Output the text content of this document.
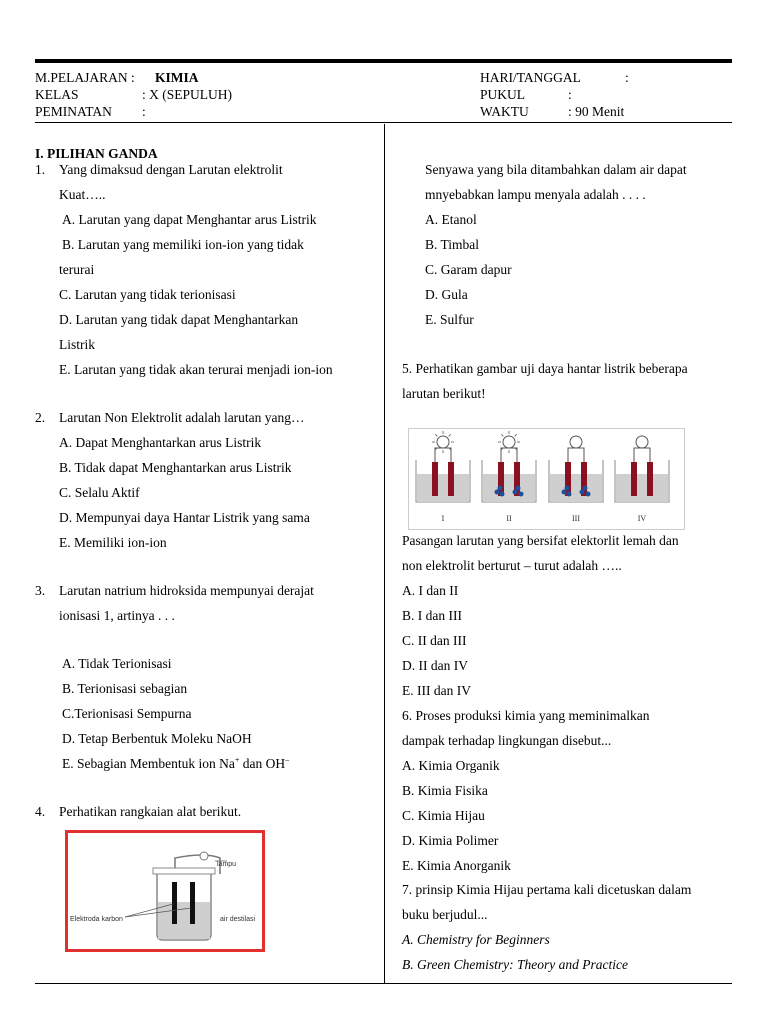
M.PELAJARAN : KIMIA
KELAS	: X (SEPULUH)
PEMINATAN :
HARI/TANGGAL	:
PUKUL	:
WAKTU	: 90 Menit
I. PILIHAN GANDA
1. Yang dimaksud dengan Larutan elektrolit
Kuat…..
A. Larutan yang dapat Menghantar arus Listrik
B. Larutan yang memiliki ion-ion yang tidak
terurai
C. Larutan yang tidak terionisasi
D. Larutan yang tidak dapat Menghantarkan
Listrik
E. Larutan yang tidak akan terurai menjadi ion-ion
2. Larutan Non Elektrolit adalah larutan yang…
A. Dapat Menghantarkan arus Listrik
B. Tidak dapat Menghantarkan arus Listrik
C. Selalu Aktif
D. Mempunyai daya Hantar Listrik yang sama
E. Memiliki ion-ion
3. Larutan natrium hidroksida mempunyai derajat
ionisasi 1, artinya . . .
A. Tidak Terionisasi
B. Terionisasi sebagian
C.Terionisasi Sempurna
D. Tetap Berbentuk Moleku NaOH
E. Sebagian Membentuk ion Na+ dan OH–
4. Perhatikan rangkaian alat berikut.
lampu
Elektroda karbon	air destilasi
Senyawa yang bila ditambahkan dalam air dapat
mnyebabkan lampu menyala adalah . . . .
A. Etanol
B. Timbal
C. Garam dapur
D. Gula
E. Sulfur
5. Perhatikan gambar uji daya hantar listrik beberapa
larutan berikut!
I	II	III	IV
Pasangan larutan yang bersifat elektorlit lemah dan
non elektrolit berturut – turut adalah …..
A. I dan II
B. I dan III
C. II dan III
D. II dan IV
E. III dan IV
6. Proses produksi kimia yang meminimalkan
dampak terhadap lingkungan disebut...
A. Kimia Organik
B. Kimia Fisika
C. Kimia Hijau
D. Kimia Polimer
E. Kimia Anorganik
7. prinsip Kimia Hijau pertama kali dicetuskan dalam
buku berjudul...
A. Chemistry for Beginners
B. Green Chemistry: Theory and Practice
